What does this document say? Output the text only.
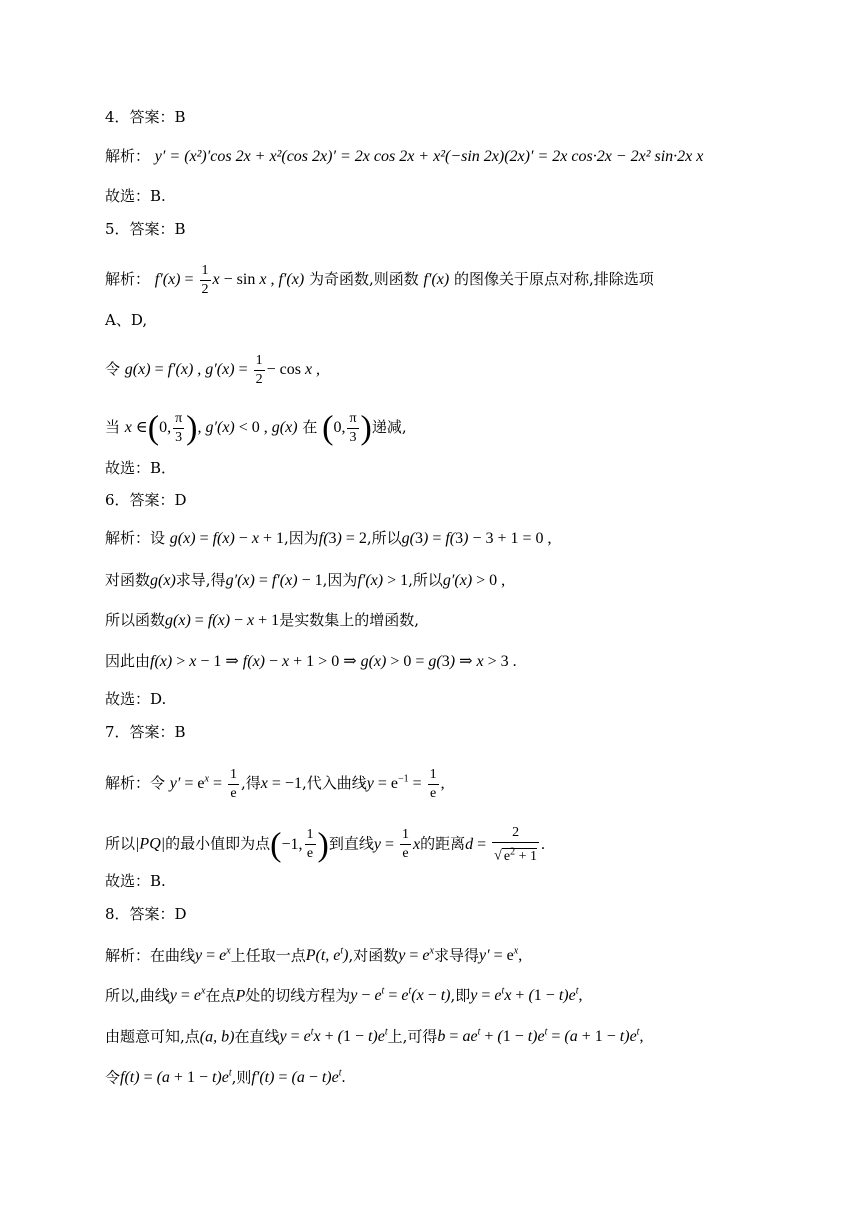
4．答案：B
解析： y′ = (x²)′cos 2x + x²(cos 2x)′ = 2x cos 2x + x²(−sin 2x)(2x)′ = 2x cos·2x − 2x² sin·2x x
故选：B.
5．答案：B
解析： $f'(x) = \frac{1}{2}$ x − sin x , f′(x) 为奇函数,则函数 f′(x) 的图像关于原点对称,排除选项
A、D,
令 g(x) = f′(x) , $g'(x) = \frac{1}{2} - \cos x$ ,
当 x ∈(0, $\frac{\pi}{3}$ ), g′(x) < 0 , g(x) 在 (0, $\frac{\pi}{3}$ )递减,
故选：B．
6．答案：D
解析：设 g(x) = f(x) − x + 1,因为f(3) = 2,所以g(3) = f(3) − 3 + 1 = 0 ,
对函数g(x)求导,得g′(x) = f′(x) − 1,因为f′(x) > 1,所以g′(x) > 0 ,
所以函数g(x) = f(x) − x + 1是实数集上的增函数,
因此由f(x) > x − 1 ⇒ f(x) − x + 1 > 0 ⇒ g(x) > 0 = g(3) ⇒ x > 3 .
故选：D.
7．答案：B
解析：令 $y' = e^x = \frac{1}{e}$ ,得x = −1,代入曲线$y = e^{-1} = \frac{1}{e}$ ,
所以|PQ|的最小值即为点(−1, $\frac{1}{e}$ )到直线$y = \frac{1}{e}$ x的距离$d = \frac{2}{√ e^2 + 1}$ .
故选：B.
8．答案：D
解析：在曲线$y = e^x$上任取一点P(t, $e^t$),对函数$y = e^x$求导得$y' = e^x$,
所以,曲线$y = e^x$在点P处的切线方程为$y - e^t = e^t(x - t)$,即$y = e^tx + (1 - t)e^t$,
由题意可知,点(a, b)在直线$y = e^tx + (1 - t)e^t$上,可得$b = ae^t + (1 - t)e^t = (a + 1 - t)e^t$,
令$f(t) = (a + 1 - t)e^t$,则$f'(t) = (a - t)e^t$.
